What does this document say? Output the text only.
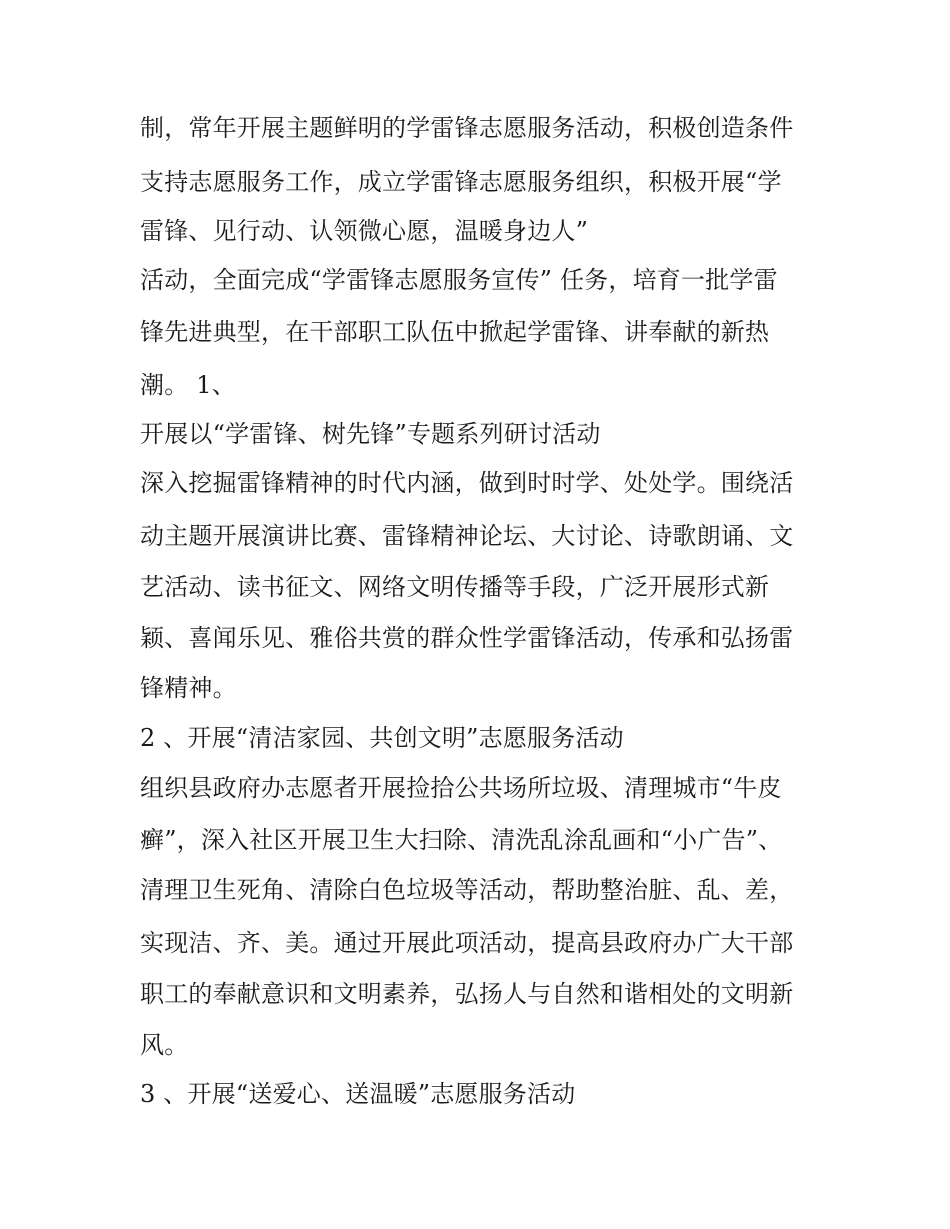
制，常年开展主题鲜明的学雷锋志愿服务活动，积极创造条件
支持志愿服务工作，成立学雷锋志愿服务组织，积极开展“学
雷锋、见行动、认领微心愿，温暖身边人”
活动，全面完成“学雷锋志愿服务宣传” 任务，培育一批学雷
锋先进典型，在干部职工队伍中掀起学雷锋、讲奉献的新热
潮。 1、
开展以“学雷锋、树先锋”专题系列研讨活动
深入挖掘雷锋精神的时代内涵，做到时时学、处处学。围绕活
动主题开展演讲比赛、雷锋精神论坛、大讨论、诗歌朗诵、文
艺活动、读书征文、网络文明传播等手段，广泛开展形式新
颖、喜闻乐见、雅俗共赏的群众性学雷锋活动，传承和弘扬雷
锋精神。
2 、开展“清洁家园、共创文明”志愿服务活动
组织县政府办志愿者开展捡拾公共场所垃圾、清理城市“牛皮
癣”，深入社区开展卫生大扫除、清洗乱涂乱画和“小广告”、
清理卫生死角、清除白色垃圾等活动，帮助整治脏、乱、差，
实现洁、齐、美。通过开展此项活动，提高县政府办广大干部
职工的奉献意识和文明素养，弘扬人与自然和谐相处的文明新
风。
3 、开展“送爱心、送温暖”志愿服务活动
